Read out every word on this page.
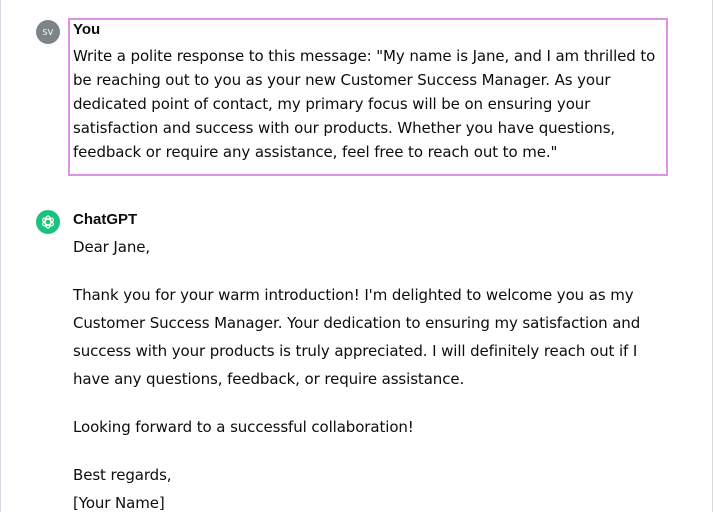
SV	You

Write a polite response to this message: "My name is Jane, and I am thrilled to be reaching out to you as your new Customer Success Manager. As your dedicated point of contact, my primary focus will be on ensuring your satisfaction and success with our products. Whether you have questions, feedback or require any assistance, feel free to reach out to me."

ChatGPT

Dear Jane,

Thank you for your warm introduction! I'm delighted to welcome you as my Customer Success Manager. Your dedication to ensuring my satisfaction and success with your products is truly appreciated. I will definitely reach out if I have any questions, feedback, or require assistance.

Looking forward to a successful collaboration!

Best regards,

[Your Name]
